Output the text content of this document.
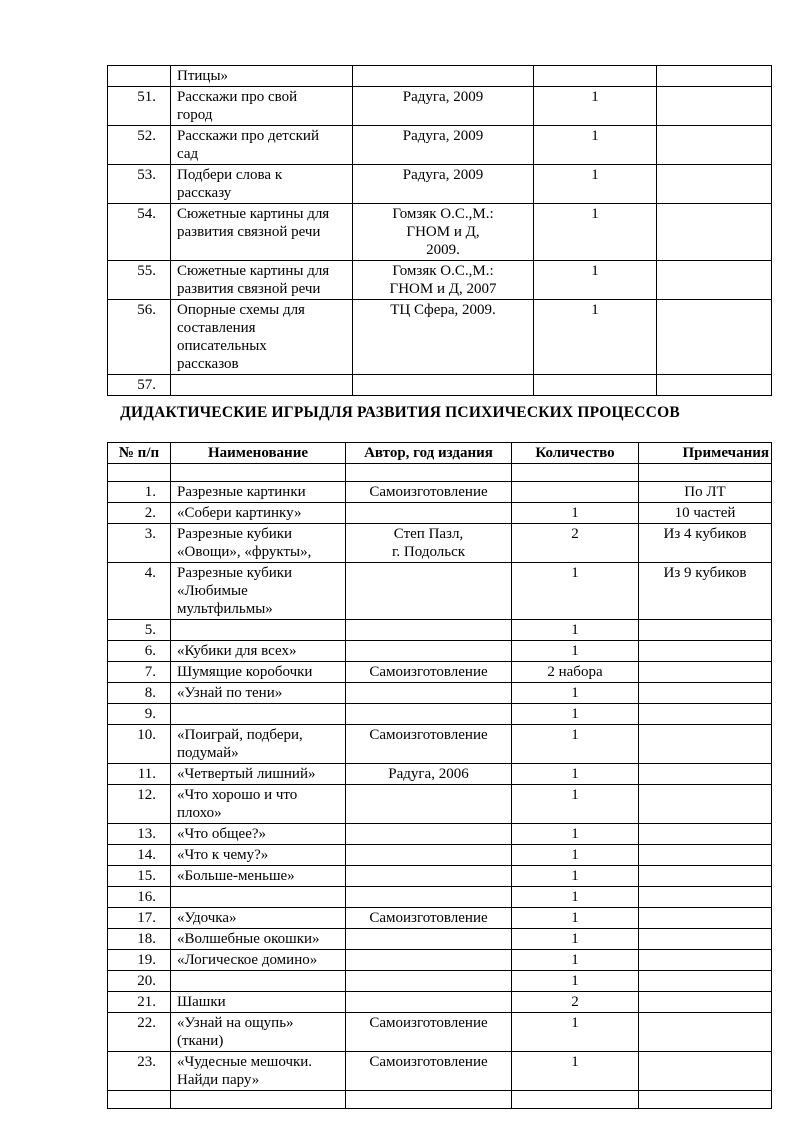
	Птицы»			
51.	Расскажи про свой
город	Радуга, 2009	1	
52.	Расскажи про детский
сад	Радуга, 2009	1	
53.	Подбери слова к
рассказу	Радуга, 2009	1	
54.	Сюжетные картины для
развития связной речи	Гомзяк О.С.,М.:
ГНОМ и Д,
2009.	1	
55.	Сюжетные картины для
развития связной речи	Гомзяк О.С.,М.:
ГНОМ и Д, 2007	1	
56.	Опорные схемы для
составления
описательных
рассказов	ТЦ Сфера, 2009.	1	
57.				
ДИДАКТИЧЕСКИЕ ИГРЫДЛЯ РАЗВИТИЯ ПСИХИЧЕСКИХ ПРОЦЕССОВ
№ п/п	Наименование	Автор, год издания	Количество	Примечания

1.	Разрезные картинки	Самоизготовление		По ЛТ
2.	«Собери картинку»		1	10 частей
3.	Разрезные кубики
«Овощи», «фрукты»,	Степ Пазл,
г. Подольск	2	Из 4 кубиков
4.	Разрезные кубики
«Любимые
мультфильмы»		1	Из 9 кубиков
5.			1	
6.	«Кубики для всех»		1	
7.	Шумящие коробочки	Самоизготовление	2 набора	
8.	«Узнай по тени»		1	
9.			1	
10.	«Поиграй, подбери,
подумай»	Самоизготовление	1	
11.	«Четвертый лишний»	Радуга, 2006	1	
12.	«Что хорошо и что
плохо»		1	
13.	«Что общее?»		1	
14.	«Что к чему?»		1	
15.	«Больше-меньше»		1	
16.			1	
17.	«Удочка»	Самоизготовление	1	
18.	«Волшебные окошки»		1	
19.	«Логическое домино»		1	
20.			1	
21.	Шашки		2	
22.	«Узнай на ощупь»
(ткани)	Самоизготовление	1	
23.	«Чудесные мешочки.
Найди пару»	Самоизготовление	1	
